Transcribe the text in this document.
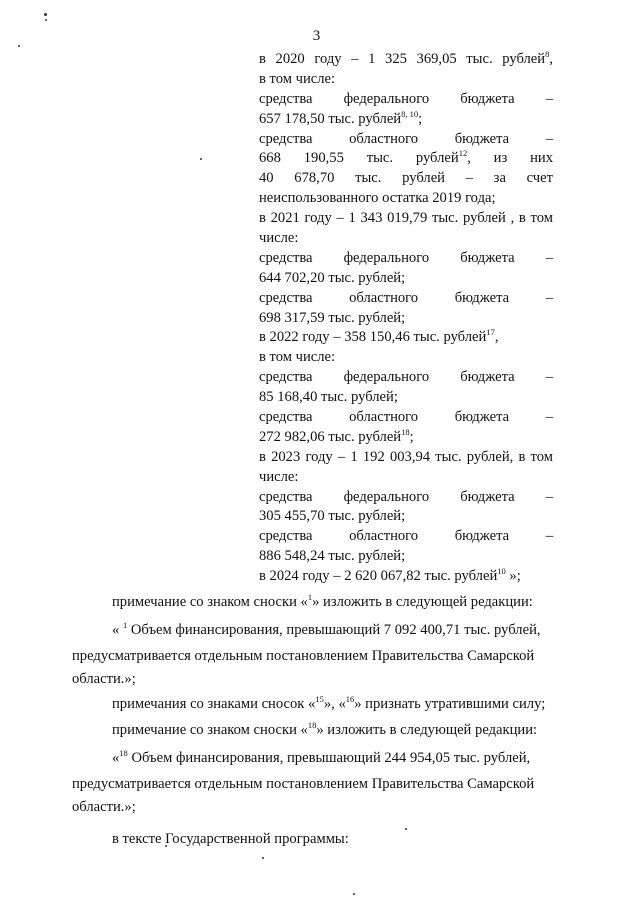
3
в 2020 году – 1 325 369,05 тыс. рублей$^8$,
в том числе:
средства федерального бюджета –
657 178,50 тыс. рублей$^{8, 10}$;
средства областного бюджета –
668 190,55 тыс. рублей$^{12}$, из них
40 678,70 тыс. рублей – за счет
неиспользованного остатка 2019 года;
в 2021 году – 1 343 019,79 тыс. рублей , в том
числе:
средства федерального бюджета –
644 702,20 тыс. рублей;
средства областного бюджета –
698 317,59 тыс. рублей;
в 2022 году – 358 150,46 тыс. рублей$^{17}$,
в том числе:
средства федерального бюджета –
85 168,40 тыс. рублей;
средства областного бюджета –
272 982,06 тыс. рублей$^{18}$;
в 2023 году – 1 192 003,94 тыс. рублей, в том
числе:
средства федерального бюджета –
305 455,70 тыс. рублей;
средства областного бюджета –
886 548,24 тыс. рублей;
в 2024 году – 2 620 067,82 тыс. рублей$^{10}$ »;
примечание со знаком сноски «$^1$» изложить в следующей редакции:
« $^1$ Объем финансирования, превышающий 7 092 400,71 тыс. рублей,
предусматривается отдельным постановлением Правительства Самарской
области.»;
примечания со знаками сносок «$^{15}$», «$^{16}$» признать утратившими силу;
примечание со знаком сноски «$^{18}$» изложить в следующей редакции:
«$^{18}$ Объем финансирования, превышающий 244 954,05 тыс. рублей,
предусматривается отдельным постановлением Правительства Самарской
области.»;
в тексте Государственной программы:
